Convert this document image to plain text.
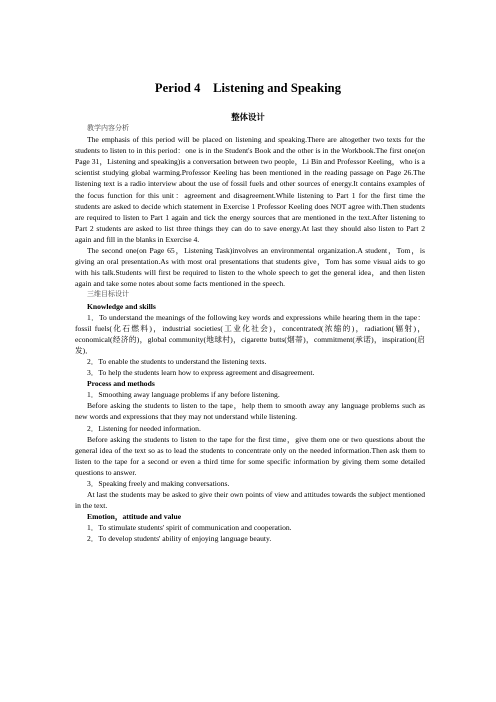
Period 4　Listening and Speaking
整体设计

教学内容分析

The emphasis of this period will be placed on listening and speaking.There are altogether two texts for the students to listen to in this period：one is in the Student's Book and the other is in the Workbook.The first one(on Page 31，Listening and speaking)is a conversation between two people，Li Bin and Professor Keeling，who is a scientist studying global warming.Professor Keeling has been mentioned in the reading passage on Page 26.The listening text is a radio interview about the use of fossil fuels and other sources of energy.It contains examples of the focus function for this unit：agreement and disagreement.While listening to Part 1 for the first time the students are asked to decide which statement in Exercise 1 Professor Keeling does NOT agree with.Then students are required to listen to Part 1 again and tick the energy sources that are mentioned in the text.After listening to Part 2 students are asked to list three things they can do to save energy.At last they should also listen to Part 2 again and fill in the blanks in Exercise 4.

The second one(on Page 65，Listening Task)involves an environmental organization.A student，Tom，is giving an oral presentation.As with most oral presentations that students give，Tom has some visual aids to go with his talk.Students will first be required to listen to the whole speech to get the general idea，and then listen again and take some notes about some facts mentioned in the speech.

三维目标设计

Knowledge and skills

1．To understand the meanings of the following key words and expressions while hearing them in the tape：fossil fuels(化石燃料)，industrial societies(工业化社会)，concentrated(浓缩的)，radiation(辐射)，economical(经济的)，global community(地球村)，cigarette butts(烟蒂)，commitment(承诺)，inspiration(启发)．

2．To enable the students to understand the listening texts.

3．To help the students learn how to express agreement and disagreement.

Process and methods

1．Smoothing away language problems if any before listening.

Before asking the students to listen to the tape，help them to smooth away any language problems such as new words and expressions that they may not understand while listening.

2．Listening for needed information.

Before asking the students to listen to the tape for the first time，give them one or two questions about the general idea of the text so as to lead the students to concentrate only on the needed information.Then ask them to listen to the tape for a second or even a third time for some specific information by giving them some detailed questions to answer.

3．Speaking freely and making conversations.

At last the students may be asked to give their own points of view and attitudes towards the subject mentioned in the text.

Emotion，attitude and value

1．To stimulate students' spirit of communication and cooperation.

2．To develop students' ability of enjoying language beauty.
